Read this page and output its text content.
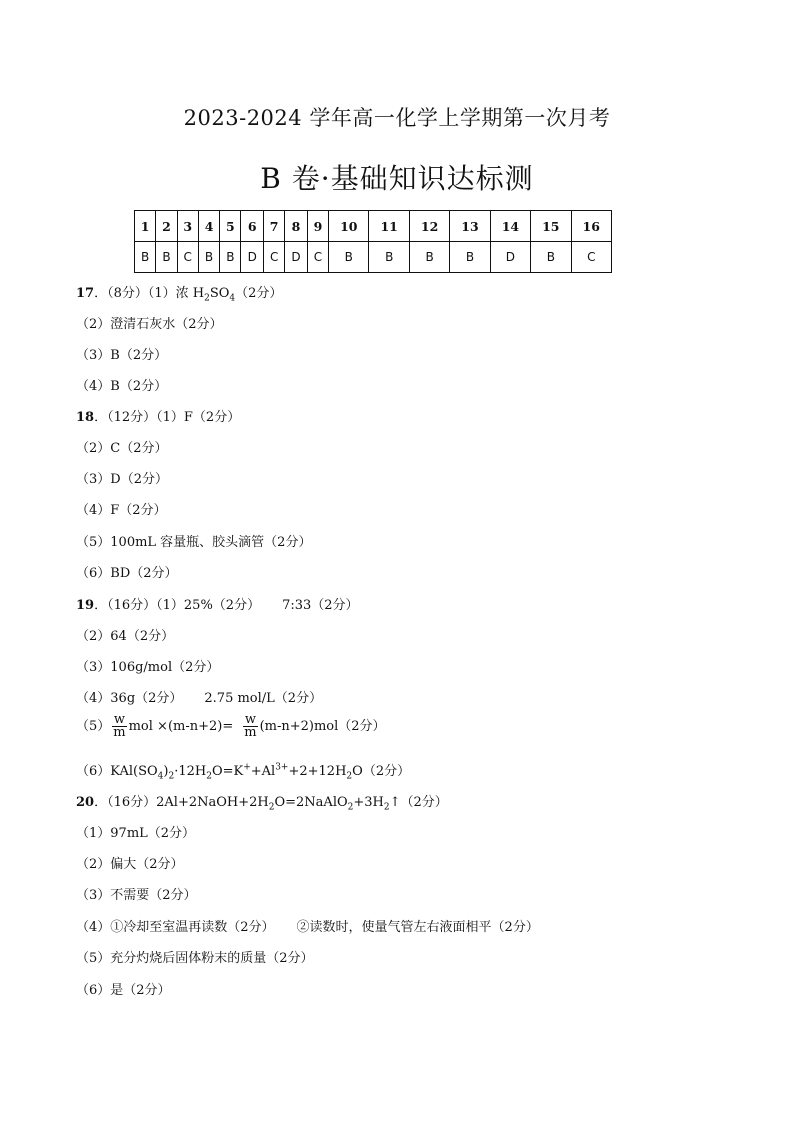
2023-2024 学年高一化学上学期第一次月考
B 卷·基础知识达标测
1	2	3	4	5	6	7	8	9	10	11	12	13	14	15	16
B	B	C	B	B	D	C	D	C	B	B	B	B	D	B	C
17．（8分）（1）浓 $H_2SO_4(2$分）
（2）澄清石灰水（2分）
（3）B（2分）
（4）B（2分）
18．（12分）（1）F（2分）
（2）C（2分）
（3）D（2分）
（4）F（2分）
（5）100mL 容量瓶、胶头滴管（2分）
（6）BD（2分）
19．（16分）（1）25%（2分） 7:33（2分）
（2）64（2分）
（3）106g/mol（2分）
（4）36g（2分） 2.75 mol/L（2分）
$(5) \frac{w}{m}$ mol $\times(m-n+2)= \frac{w}{m} (m-n+2)mol(2$分）
$(6)KAl(SO_4)_2\cdot 12H_2O=K^++Al^{3+}+2+12H_2O(2$分）
20．（16分）$2Al+2NaOH+2H_2O=2NaAlO_2+3H_2↑(2$分）
（1）97mL（2分）
（2）偏大（2分）
（3）不需要（2分）
（4）①冷却至室温再读数（2分） ②读数时，使量气管左右液面相平（2分）
（5）充分灼烧后固体粉末的质量（2分）
（6）是（2分）
